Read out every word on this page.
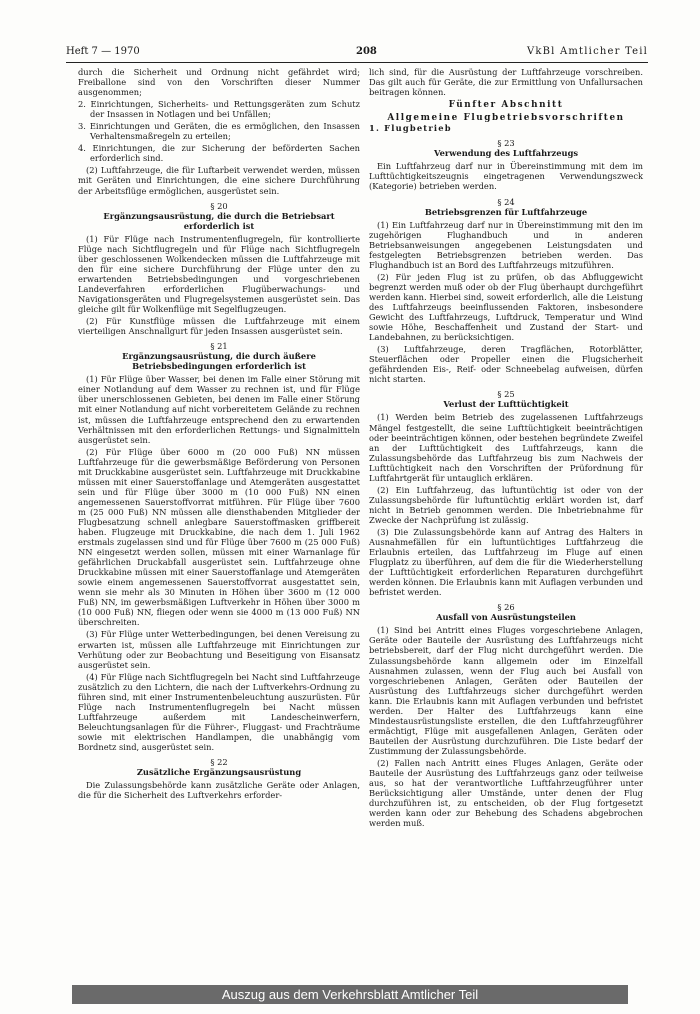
Heft 7 — 1970	208	VkBl Amtlicher Teil

durch die Sicherheit und Ordnung nicht gefährdet wird; Freiballone sind von den Vorschriften dieser Nummer ausgenommen;

2. Einrichtungen, Sicherheits- und Rettungsgeräten zum Schutz der Insassen in Notlagen und bei Unfällen;

3. Einrichtungen und Geräten, die es ermöglichen, den Insassen Verhaltensmaßregeln zu erteilen;

4. Einrichtungen, die zur Sicherung der beförderten Sachen erforderlich sind.

(2) Luftfahrzeuge, die für Luftarbeit verwendet werden, müssen mit Geräten und Einrichtungen, die eine sichere Durchführung der Arbeitsflüge ermöglichen, ausgerüstet sein.

§ 20
Ergänzungsausrüstung, die durch die Betriebsart erforderlich ist

(1) Für Flüge nach Instrumentenflugregeln, für kontrollierte Flüge nach Sichtflugregeln und für Flüge nach Sichtflugregeln über geschlossenen Wolkendecken müssen die Luftfahrzeuge mit den für eine sichere Durchführung der Flüge unter den zu erwartenden Betriebsbedingungen und vorgeschriebenen Landeverfahren erforderlichen Flugüberwachungs- und Navigationsgeräten und Flugregelsystemen ausgerüstet sein. Das gleiche gilt für Wolkenflüge mit Segelflugzeugen.

(2) Für Kunstflüge müssen die Luftfahrzeuge mit einem vierteiligen Anschnallgurt für jeden Insassen ausgerüstet sein.

§ 21
Ergänzungsausrüstung, die durch äußere Betriebsbedingungen erforderlich ist

(1) Für Flüge über Wasser, bei denen im Falle einer Störung mit einer Notlandung auf dem Wasser zu rechnen ist, und für Flüge über unerschlossenen Gebieten, bei denen im Falle einer Störung mit einer Notlandung auf nicht vorbereitetem Gelände zu rechnen ist, müssen die Luftfahrzeuge entsprechend den zu erwartenden Verhältnissen mit den erforderlichen Rettungs- und Signalmitteln ausgerüstet sein.

(2) Für Flüge über 6000 m (20 000 Fuß) NN müssen Luftfahrzeuge für die gewerbsmäßige Beförderung von Personen mit Druckkabine ausgerüstet sein. Luftfahrzeuge mit Druckkabine müssen mit einer Sauerstoffanlage und Atemgeräten ausgestattet sein und für Flüge über 3000 m (10 000 Fuß) NN einen angemessenen Sauerstoffvorrat mitführen. Für Flüge über 7600 m (25 000 Fuß) NN müssen alle diensthabenden Mitglieder der Flugbesatzung schnell anlegbare Sauerstoffmasken griffbereit haben. Flugzeuge mit Druckkabine, die nach dem 1. Juli 1962 erstmals zugelassen sind und für Flüge über 7600 m (25 000 Fuß) NN eingesetzt werden sollen, müssen mit einer Warnanlage für gefährlichen Druckabfall ausgerüstet sein. Luftfahrzeuge ohne Druckkabine müssen mit einer Sauerstoffanlage und Atemgeräten sowie einem angemessenen Sauerstoffvorrat ausgestattet sein, wenn sie mehr als 30 Minuten in Höhen über 3600 m (12 000 Fuß) NN, im gewerbsmäßigen Luftverkehr in Höhen über 3000 m (10 000 Fuß) NN, fliegen oder wenn sie 4000 m (13 000 Fuß) NN überschreiten.

(3) Für Flüge unter Wetterbedingungen, bei denen Vereisung zu erwarten ist, müssen alle Luftfahrzeuge mit Einrichtungen zur Verhütung oder zur Beobachtung und Beseitigung von Eisansatz ausgerüstet sein.

(4) Für Flüge nach Sichtflugregeln bei Nacht sind Luftfahrzeuge zusätzlich zu den Lichtern, die nach der Luftverkehrs-Ordnung zu führen sind, mit einer Instrumentenbeleuchtung auszurüsten. Für Flüge nach Instrumentenflugregeln bei Nacht müssen Luftfahrzeuge außerdem mit Landescheinwerfern, Beleuchtungsanlagen für die Führer-, Fluggast- und Frachträume sowie mit elektrischen Handlampen, die unabhängig vom Bordnetz sind, ausgerüstet sein.

§ 22
Zusätzliche Ergänzungsausrüstung

Die Zulassungsbehörde kann zusätzliche Geräte oder Anlagen, die für die Sicherheit des Luftverkehrs erforder-

lich sind, für die Ausrüstung der Luftfahrzeuge vorschreiben. Das gilt auch für Geräte, die zur Ermittlung von Unfallursachen beitragen können.

Fünfter Abschnitt
Allgemeine Flugbetriebsvorschriften
1. Flugbetrieb
§ 23
Verwendung des Luftfahrzeugs

Ein Luftfahrzeug darf nur in Übereinstimmung mit dem im Lufttüchtigkeitszeugnis eingetragenen Verwendungszweck (Kategorie) betrieben werden.

§ 24
Betriebsgrenzen für Luftfahrzeuge

(1) Ein Luftfahrzeug darf nur in Übereinstimmung mit den im zugehörigen Flughandbuch und in anderen Betriebsanweisungen angegebenen Leistungsdaten und festgelegten Betriebsgrenzen betrieben werden. Das Flughandbuch ist an Bord des Luftfahrzeugs mitzuführen.

(2) Für jeden Flug ist zu prüfen, ob das Abfluggewicht begrenzt werden muß oder ob der Flug überhaupt durchgeführt werden kann. Hierbei sind, soweit erforderlich, alle die Leistung des Luftfahrzeugs beeinflussenden Faktoren, insbesondere Gewicht des Luftfahrzeugs, Luftdruck, Temperatur und Wind sowie Höhe, Beschaffenheit und Zustand der Start- und Landebahnen, zu berücksichtigen.

(3) Luftfahrzeuge, deren Tragflächen, Rotorblätter, Steuerflächen oder Propeller einen die Flugsicherheit gefährdenden Eis-, Reif- oder Schneebelag aufweisen, dürfen nicht starten.

§ 25
Verlust der Lufttüchtigkeit

(1) Werden beim Betrieb des zugelassenen Luftfahrzeugs Mängel festgestellt, die seine Lufttüchtigkeit beeinträchtigen oder beeinträchtigen können, oder bestehen begründete Zweifel an der Lufttüchtigkeit des Luftfahrzeugs, kann die Zulassungsbehörde das Luftfahrzeug bis zum Nachweis der Lufttüchtigkeit nach den Vorschriften der Prüfordnung für Luftfahrtgerät für untauglich erklären.

(2) Ein Luftfahrzeug, das luftuntüchtig ist oder von der Zulassungsbehörde für luftuntüchtig erklärt worden ist, darf nicht in Betrieb genommen werden. Die Inbetriebnahme für Zwecke der Nachprüfung ist zulässig.

(3) Die Zulassungsbehörde kann auf Antrag des Halters in Ausnahmefällen für ein luftuntüchtiges Luftfahrzeug die Erlaubnis erteilen, das Luftfahrzeug im Fluge auf einen Flugplatz zu überführen, auf dem die für die Wiederherstellung der Lufttüchtigkeit erforderlichen Reparaturen durchgeführt werden können. Die Erlaubnis kann mit Auflagen verbunden und befristet werden.

§ 26
Ausfall von Ausrüstungsteilen

(1) Sind bei Antritt eines Fluges vorgeschriebene Anlagen, Geräte oder Bauteile der Ausrüstung des Luftfahrzeugs nicht betriebsbereit, darf der Flug nicht durchgeführt werden. Die Zulassungsbehörde kann allgemein oder im Einzelfall Ausnahmen zulassen, wenn der Flug auch bei Ausfall von vorgeschriebenen Anlagen, Geräten oder Bauteilen der Ausrüstung des Luftfahrzeugs sicher durchgeführt werden kann. Die Erlaubnis kann mit Auflagen verbunden und befristet werden. Der Halter des Luftfahrzeugs kann eine Mindestausrüstungsliste erstellen, die den Luftfahrzeugführer ermächtigt, Flüge mit ausgefallenen Anlagen, Geräten oder Bauteilen der Ausrüstung durchzuführen. Die Liste bedarf der Zustimmung der Zulassungsbehörde.

(2) Fallen nach Antritt eines Fluges Anlagen, Geräte oder Bauteile der Ausrüstung des Luftfahrzeugs ganz oder teilweise aus, so hat der verantwortliche Luftfahrzeugführer unter Berücksichtigung aller Umstände, unter denen der Flug durchzuführen ist, zu entscheiden, ob der Flug fortgesetzt werden kann oder zur Behebung des Schadens abgebrochen werden muß.

Auszug aus dem Verkehrsblatt Amtlicher Teil
